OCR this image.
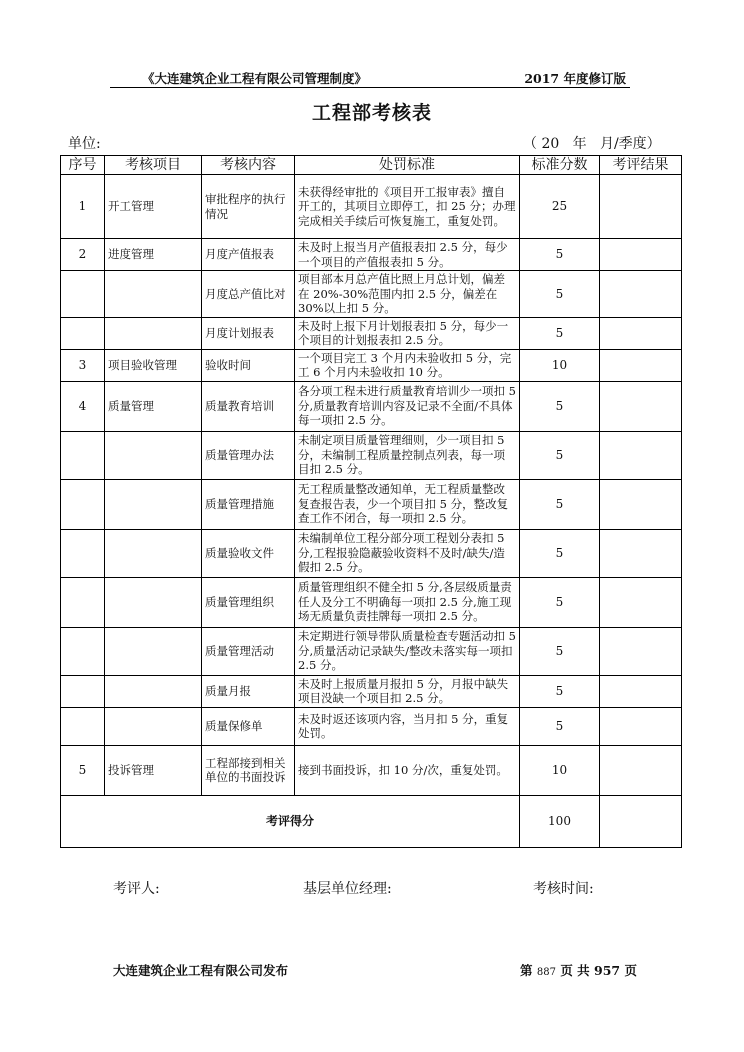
《大连建筑企业工程有限公司管理制度》	2017 年度修订版
工程部考核表
单位:	（ 20   年   月/季度）
序号	考核项目	考核内容	处罚标准	标准分数	考评结果
1	开工管理	审批程序的执行情况	未获得经审批的《项目开工报审表》擅自开工的，其项目立即停工，扣 25 分；办理完成相关手续后可恢复施工，重复处罚。	25	
2	进度管理	月度产值报表	未及时上报当月产值报表扣 2.5 分，每少一个项目的产值报表扣 5 分。	5	
		月度总产值比对	项目部本月总产值比照上月总计划，偏差在 20%-30%范围内扣 2.5 分，偏差在 30%以上扣 5 分。	5	
		月度计划报表	未及时上报下月计划报表扣 5 分，每少一个项目的计划报表扣 2.5 分。	5	
3	项目验收管理	验收时间	一个项目完工 3 个月内未验收扣 5 分，完工 6 个月内未验收扣 10 分。	10	
4	质量管理	质量教育培训	各分项工程未进行质量教育培训少一项扣 5 分,质量教育培训内容及记录不全面/不具体每一项扣 2.5 分。	5	
		质量管理办法	未制定项目质量管理细则，少一项目扣 5 分，未编制工程质量控制点列表，每一项目扣 2.5 分。	5	
		质量管理措施	无工程质量整改通知单，无工程质量整改复查报告表，少一个项目扣 5 分，整改复查工作不闭合，每一项扣 2.5 分。	5	
		质量验收文件	未编制单位工程分部分项工程划分表扣 5 分,工程报验隐蔽验收资料不及时/缺失/造假扣 2.5 分。	5	
		质量管理组织	质量管理组织不健全扣 5 分,各层级质量责任人及分工不明确每一项扣 2.5 分,施工现场无质量负责挂牌每一项扣 2.5 分。	5	
		质量管理活动	未定期进行领导带队质量检查专题活动扣 5 分,质量活动记录缺失/整改未落实每一项扣 2.5 分。	5	
		质量月报	未及时上报质量月报扣 5 分，月报中缺失项目没缺一个项目扣 2.5 分。	5	
		质量保修单	未及时返还该项内容，当月扣 5 分，重复处罚。	5	
5	投诉管理	工程部接到相关单位的书面投诉	接到书面投诉，扣 10 分/次，重复处罚。	10	
考评得分				100	
考评人:	基层单位经理:	考核时间:
大连建筑企业工程有限公司发布	第 887 页 共 957 页
